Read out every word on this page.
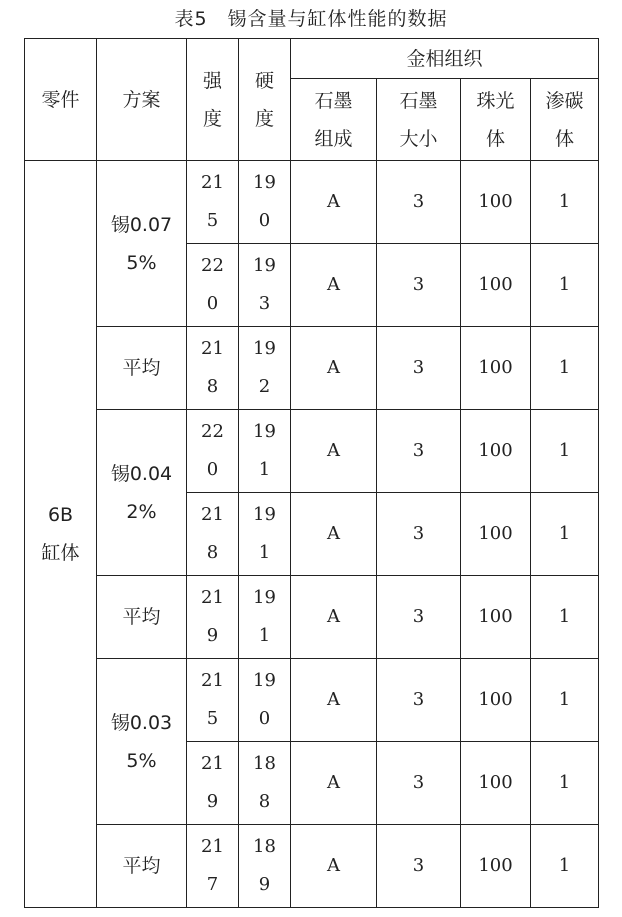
表5　锡含量与缸体性能的数据
零件	方案	强度	硬度	金相组织			
				石墨组成	石墨大小	珠光体	渗碳体
6B缸体	锡0.075%	215	190	A	3	100	1
		220	193	A	3	100	1
	平均	218	192	A	3	100	1
	锡0.042%	220	191	A	3	100	1
		218	191	A	3	100	1
	平均	219	191	A	3	100	1
	锡0.035%	215	190	A	3	100	1
		219	188	A	3	100	1
	平均	217	189	A	3	100	1
